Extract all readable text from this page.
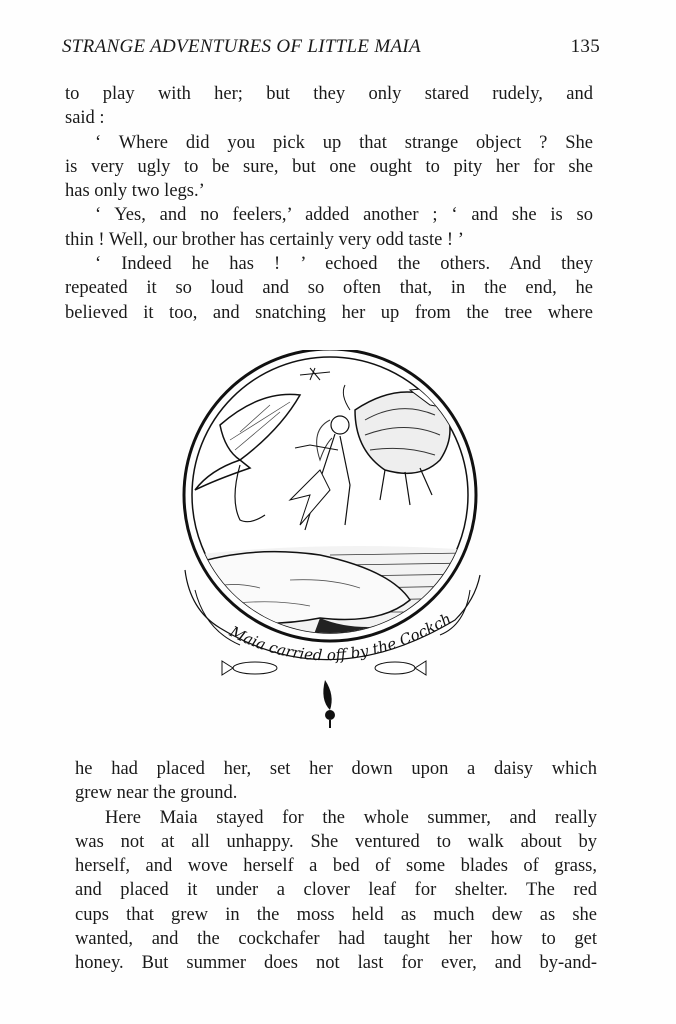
STRANGE ADVENTURES OF LITTLE MAIA	135
to play with her; but they only stared rudely, and
said :
‘ Where did you pick up that strange object ? She
is very ugly to be sure, but one ought to pity her for she
has only two legs.’
‘ Yes, and no feelers,’ added another ; ‘ and she is so
thin ! Well, our brother has certainly very odd taste ! ’
‘ Indeed he has ! ’ echoed the others. And they
repeated it so loud and so often that, in the end, he
believed it too, and snatching her up from the tree where
Maia carried off by the Cockch
he had placed her, set her down upon a daisy which
grew near the ground.
Here Maia stayed for the whole summer, and really
was not at all unhappy. She ventured to walk about by
herself, and wove herself a bed of some blades of grass,
and placed it under a clover leaf for shelter. The red
cups that grew in the moss held as much dew as she
wanted, and the cockchafer had taught her how to get
honey. But summer does not last for ever, and by-and-
